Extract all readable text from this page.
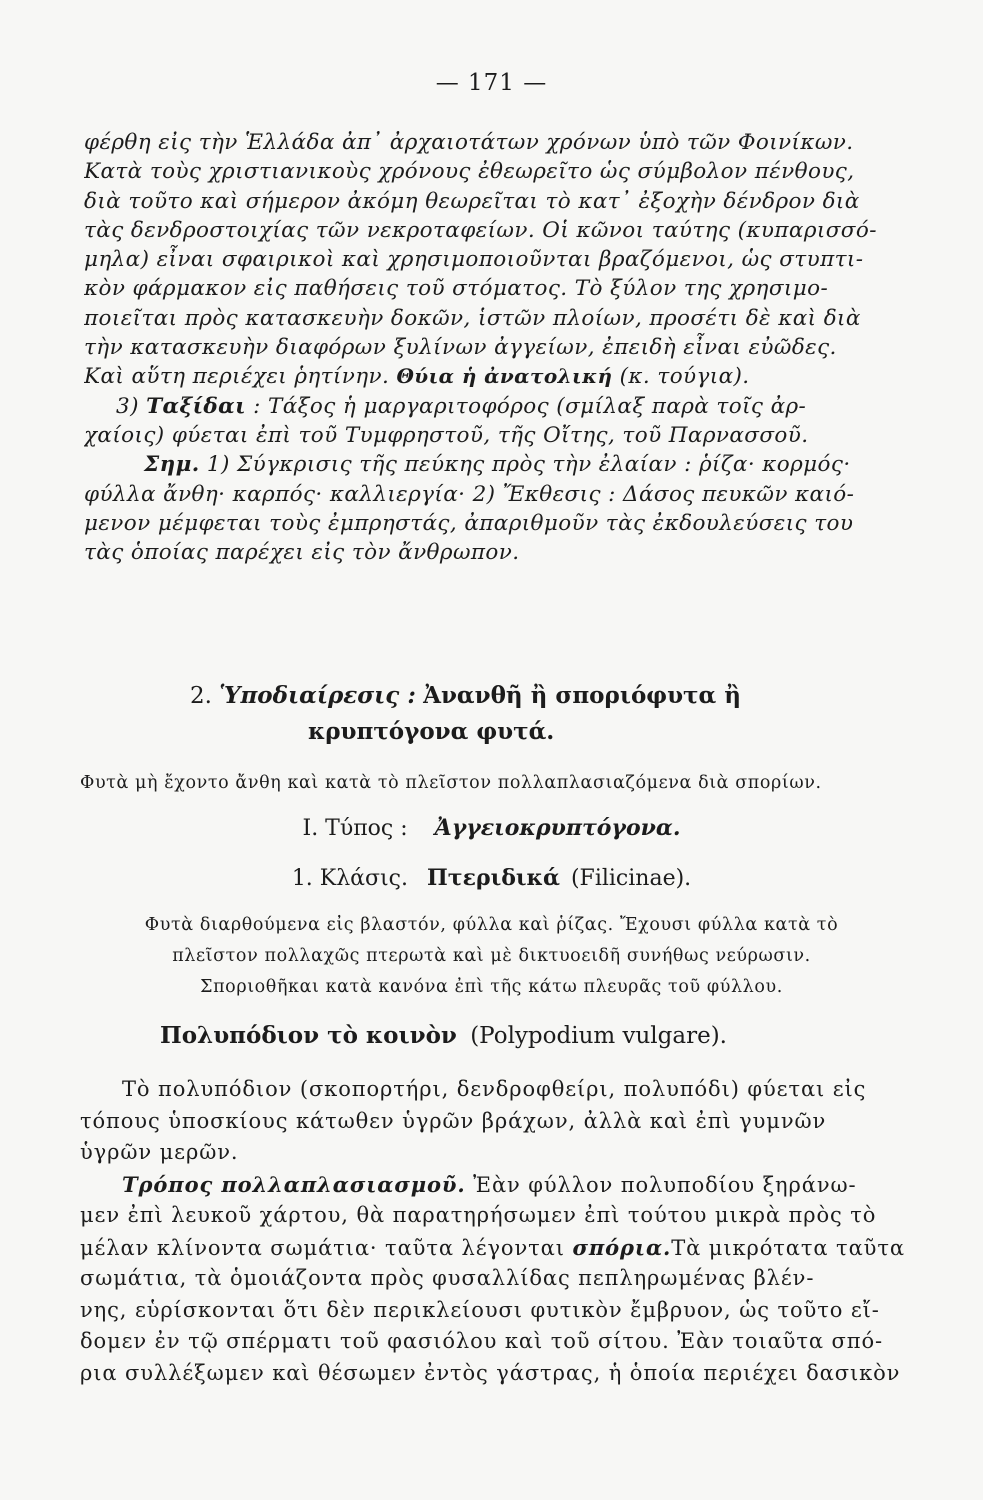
— 171 —
φέρθη εἰς τὴν Ἑλλάδα ἀπ᾽ ἀρχαιοτάτων χρόνων ὑπὸ τῶν Φοινίκων.
Κατὰ τοὺς χριστιανικοὺς χρόνους ἐθεωρεῖτο ὡς σύμβολον πένθους,
διὰ τοῦτο καὶ σήμερον ἀκόμη θεωρεῖται τὸ κατ᾽ ἐξοχὴν δένδρον διὰ
τὰς δενδροστοιχίας τῶν νεκροταφείων. Οἱ κῶνοι ταύτης (κυπαρισσό-
μηλα) εἶναι σφαιρικοὶ καὶ χρησιμοποιοῦνται βραζόμενοι, ὡς στυπτι-
κὸν φάρμακον εἰς παθήσεις τοῦ στόματος. Τὸ ξύλον της χρησιμο-
ποιεῖται πρὸς κατασκευὴν δοκῶν, ἱστῶν πλοίων, προσέτι δὲ καὶ διὰ
τὴν κατασκευὴν διαφόρων ξυλίνων ἀγγείων, ἐπειδὴ εἶναι εὐῶδες.
Καὶ αὕτη περιέχει ῥητίνην. Θύια ἡ ἀνατολική (κ. τούγια).
3) Ταξίδαι : Τάξος ἡ μαργαριτοφόρος (σμίλαξ παρὰ τοῖς ἀρ-
χαίοις) φύεται ἐπὶ τοῦ Τυμφρηστοῦ, τῆς Οἴτης, τοῦ Παρνασσοῦ.
Σημ. 1) Σύγκρισις τῆς πεύκης πρὸς τὴν ἐλαίαν : ῥίζα· κορμός·
φύλλα ἄνθη· καρπός· καλλιεργία· 2) Ἔκθεσις : Δάσος πευκῶν καιό-
μενον μέμφεται τοὺς ἐμπρηστάς, ἀπαριθμοῦν τὰς ἐκδουλεύσεις του
τὰς ὁποίας παρέχει εἰς τὸν ἄνθρωπον.
2. Ὑποδιαίρεσις : Ἀνανθῆ ἢ σποριόφυτα ἢ
κρυπτόγονα φυτά.
Φυτὰ μὴ ἔχοντο ἄνθη καὶ κατὰ τὸ πλεῖστον πολλαπλασιαζόμενα διὰ σπορίων.
Ι. Τύπος : Ἀγγειοκρυπτόγονα.
1. Κλάσις. Πτεριδικά (Filicinae).
Φυτὰ διαρθούμενα εἰς βλαστόν, φύλλα καὶ ῥίζας. Ἔχουσι φύλλα κατὰ τὸ
πλεῖστον πολλαχῶς πτερωτὰ καὶ μὲ δικτυοειδῆ συνήθως νεύρωσιν.
Σποριοθῆκαι κατὰ κανόνα ἐπὶ τῆς κάτω πλευρᾶς τοῦ φύλλου.
Πολυπόδιον τὸ κοινὸν (Polypodium vulgare).
Τὸ πολυπόδιον (σκοπορτήρι, δενδροφθείρι, πολυπόδι) φύεται εἰς
τόπους ὑποσκίους κάτωθεν ὑγρῶν βράχων, ἀλλὰ καὶ ἐπὶ γυμνῶν
ὑγρῶν μερῶν.
Τρόπος πολλαπλασιασμοῦ. Ἐὰν φύλλον πολυποδίου ξηράνω-
μεν ἐπὶ λευκοῦ χάρτου, θὰ παρατηρήσωμεν ἐπὶ τούτου μικρὰ πρὸς τὸ
μέλαν κλίνοντα σωμάτια· ταῦτα λέγονται σπόρια.Τὰ μικρότατα ταῦτα
σωμάτια, τὰ ὁμοιάζοντα πρὸς φυσαλλίδας πεπληρωμένας βλέν-
νης, εὑρίσκονται ὅτι δὲν περικλείουσι φυτικὸν ἔμβρυον, ὡς τοῦτο εἴ-
δομεν ἐν τῷ σπέρματι τοῦ φασιόλου καὶ τοῦ σίτου. Ἐὰν τοιαῦτα σπό-
ρια συλλέξωμεν καὶ θέσωμεν ἐντὸς γάστρας, ἡ ὁποία περιέχει δασικὸν
